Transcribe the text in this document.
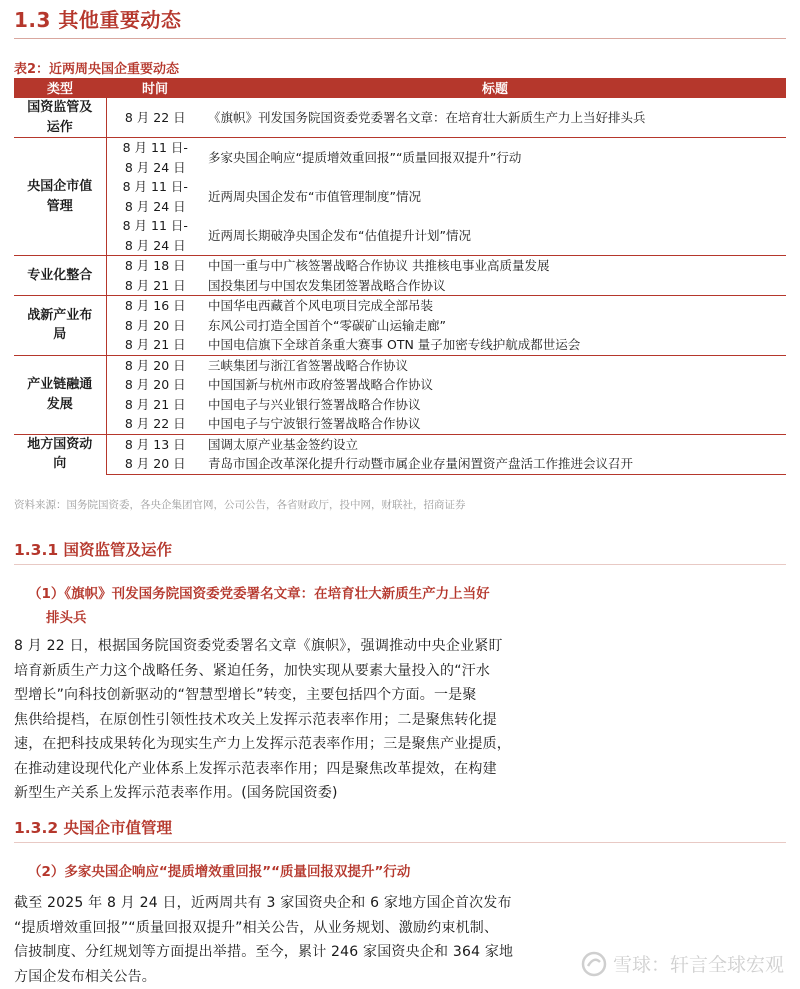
1.3 其他重要动态
表2：近两周央国企重要动态
类型	时间	标题

国资监管及
运作	8 月 22 日	《旗帜》刊发国务院国资委党委署名文章：在培育壮大新质生产力上当好排头兵

央国企市值
管理	8 月 11 日-
8 月 24 日	多家央国企响应“提质增效重回报”“质量回报双提升”行动

	8 月 11 日-
8 月 24 日	近两周央国企发布“市值管理制度”情况

	8 月 11 日-
8 月 24 日	近两周长期破净央国企发布“估值提升计划”情况

专业化整合	8 月 18 日	中国一重与中广核签署战略合作协议 共推核电事业高质量发展

	8 月 21 日	国投集团与中国农发集团签署战略合作协议

战新产业布
局	8 月 16 日	中国华电西藏首个风电项目完成全部吊装

	8 月 20 日	东风公司打造全国首个“零碳矿山运输走廊”

	8 月 21 日	中国电信旗下全球首条重大赛事 OTN 量子加密专线护航成都世运会

产业链融通
发展	8 月 20 日	三峡集团与浙江省签署战略合作协议

	8 月 20 日	中国国新与杭州市政府签署战略合作协议

	8 月 21 日	中国电子与兴业银行签署战略合作协议

	8 月 22 日	中国电子与宁波银行签署战略合作协议

地方国资动
向	8 月 13 日	国调太原产业基金签约设立

	8 月 20 日	青岛市国企改革深化提升行动暨市属企业存量闲置资产盘活工作推进会议召开
资料来源：国务院国资委，各央企集团官网，公司公告，各省财政厅，投中网，财联社，招商证券
1.3.1 国资监管及运作
（1）《旗帜》刊发国务院国资委党委署名文章：在培育壮大新质生产力上当好
排头兵
8 月 22 日，根据国务院国资委党委署名文章《旗帜》，强调推动中央企业紧盯
培育新质生产力这个战略任务、紧迫任务，加快实现从要素大量投入的“汗水
型增长”向科技创新驱动的“智慧型增长”转变，主要包括四个方面。一是聚
焦供给提档，在原创性引领性技术攻关上发挥示范表率作用；二是聚焦转化提
速，在把科技成果转化为现实生产力上发挥示范表率作用；三是聚焦产业提质，
在推动建设现代化产业体系上发挥示范表率作用；四是聚焦改革提效，在构建
新型生产关系上发挥示范表率作用。(国务院国资委)
1.3.2 央国企市值管理
（2）多家央国企响应“提质增效重回报”“质量回报双提升”行动
截至 2025 年 8 月 24 日，近两周共有 3 家国资央企和 6 家地方国企首次发布
“提质增效重回报”“质量回报双提升”相关公告，从业务规划、激励约束机制、
信披制度、分红规划等方面提出举措。至今，累计 246 家国资央企和 364 家地
方国企发布相关公告。
雪球：轩言全球宏观
